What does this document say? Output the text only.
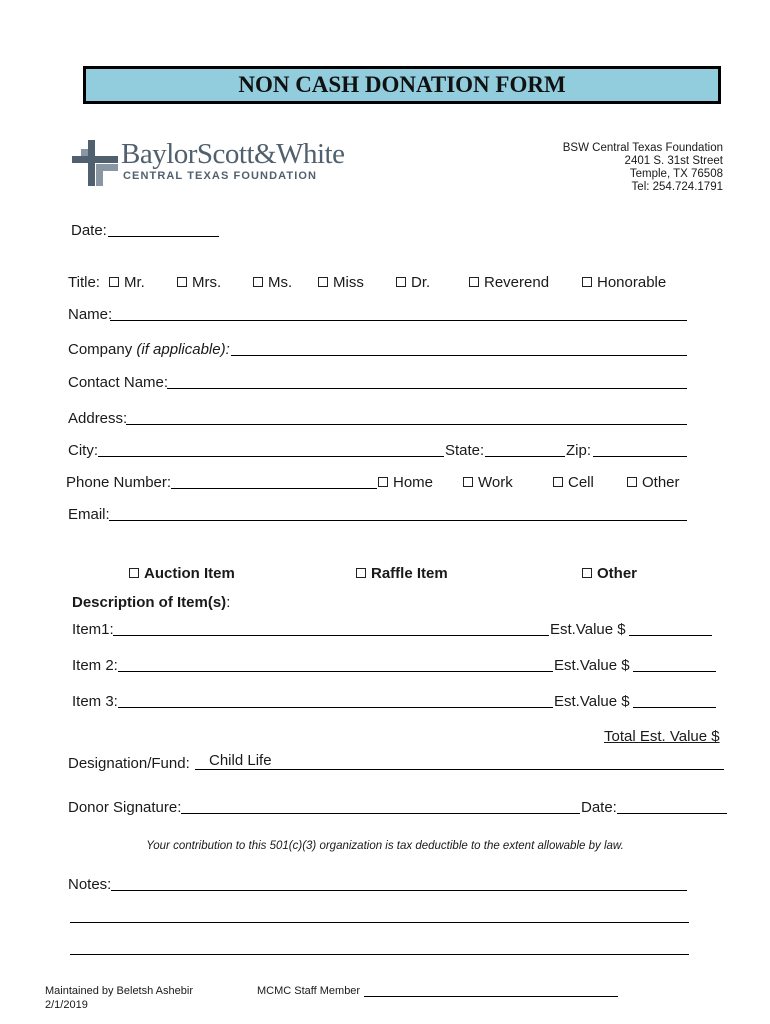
NON CASH DONATION FORM
BaylorScott&White
CENTRAL TEXAS FOUNDATION
BSW Central Texas Foundation
2401 S. 31st Street
Temple, TX 76508
Tel: 254.724.1791
Date:
Title:	Mr.	Mrs.	Ms.	Miss	Dr.	Reverend	Honorable
Name:
Company (if applicable):
Contact Name:
Address:
City:	State:	Zip:
Phone Number:	Home	Work	Cell	Other
Email:
Auction Item	Raffle Item	Other
Description of Item(s):
Item1:	Est.Value $
Item 2:	Est.Value $
Item 3:	Est.Value $
Total Est. Value $
Designation/Fund: Child Life
Donor Signature:	Date:
Your contribution to this 501(c)(3) organization is tax deductible to the extent allowable by law.
Notes:
Maintained by Beletsh Ashebir
2/1/2019
MCMC Staff Member
